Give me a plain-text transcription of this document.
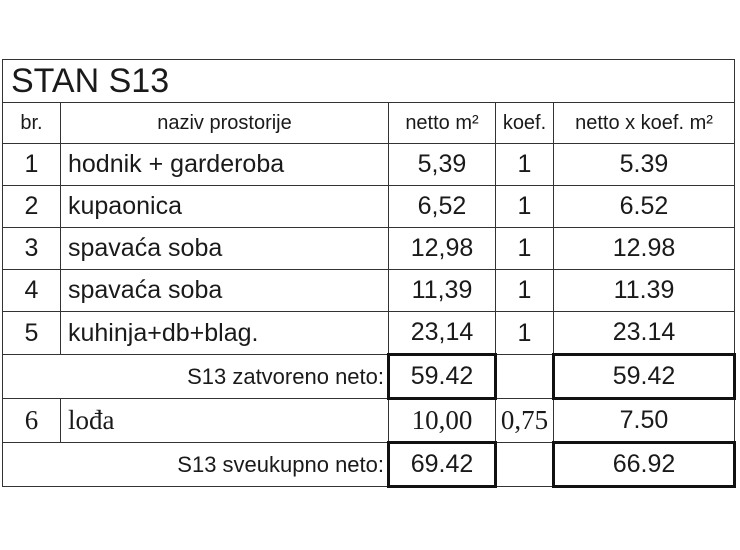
STAN S13				
br.	naziv prostorije	netto m²	koef.	netto x koef. m²
1	hodnik + garderoba	5,39	1	5.39
2	kupaonica	6,52	1	6.52
3	spavaća soba	12,98	1	12.98
4	spavaća soba	11,39	1	11.39
5	kuhinja+db+blag.	23,14	1	23.14
S13 zatvoreno neto:		59.42		59.42
6	lođa	10,00	0,75	7.50
S13 sveukupno neto:		69.42		66.92
